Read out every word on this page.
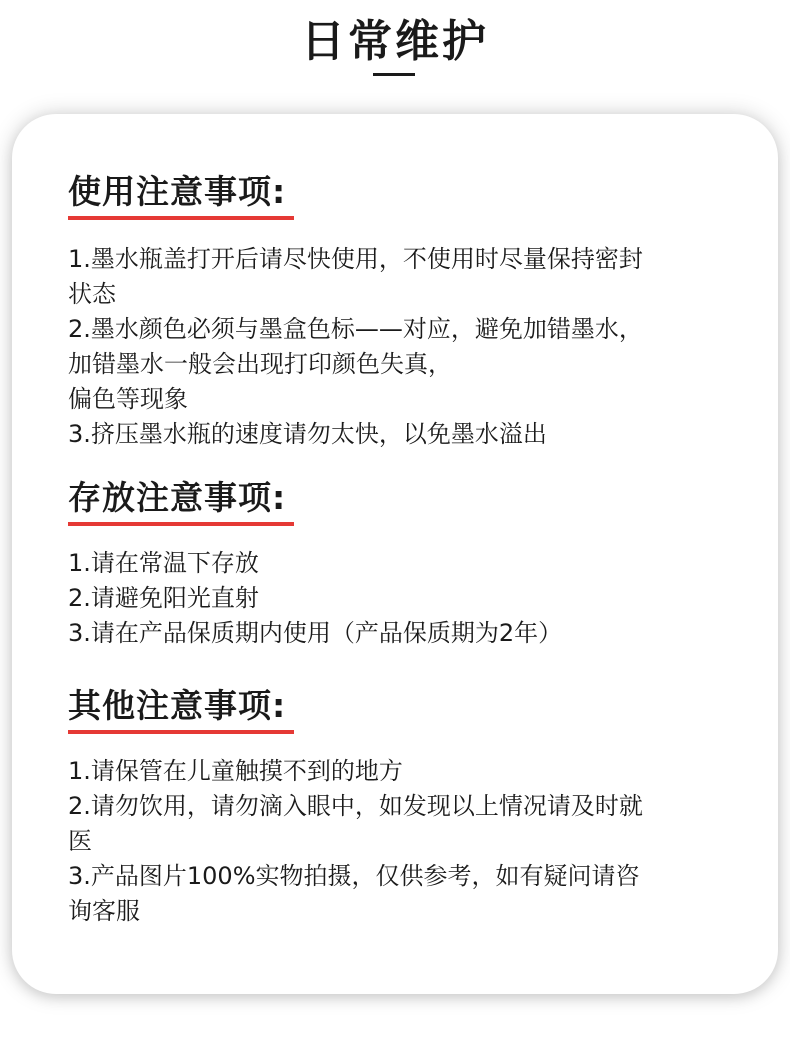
日常维护
使用注意事项:
1.墨水瓶盖打开后请尽快使用，不使用时尽量保持密封
状态
2.墨水颜色必须与墨盒色标——对应，避免加错墨水，
加错墨水一般会出现打印颜色失真，
偏色等现象
3.挤压墨水瓶的速度请勿太快，以免墨水溢出
存放注意事项:
1.请在常温下存放
2.请避免阳光直射
3.请在产品保质期内使用（产品保质期为2年）
其他注意事项:
1.请保管在儿童触摸不到的地方
2.请勿饮用，请勿滴入眼中，如发现以上情况请及时就
医
3.产品图片100%实物拍摄，仅供参考，如有疑问请咨
询客服
